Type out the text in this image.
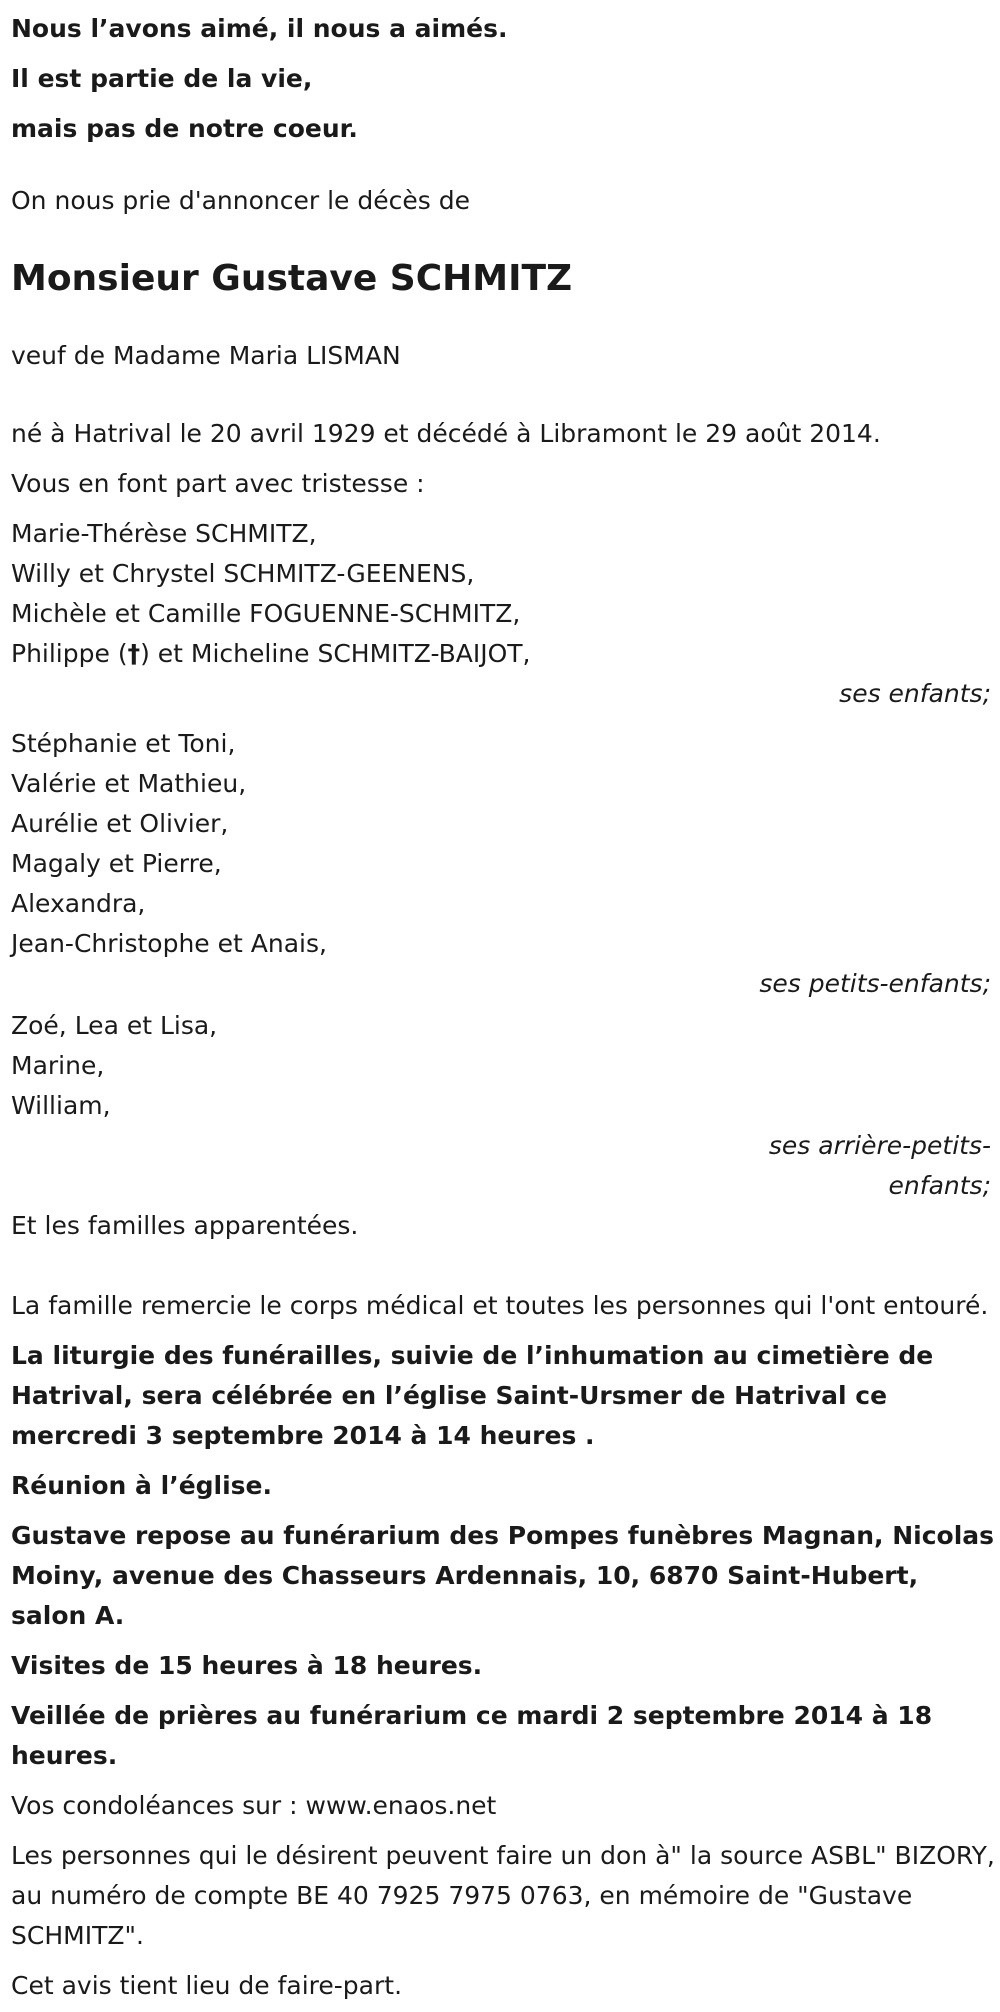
Nous l’avons aimé, il nous a aimés.

Il est partie de la vie,

mais pas de notre coeur.

On nous prie d'annoncer le décès de

Monsieur Gustave SCHMITZ

veuf de Madame Maria LISMAN

né à Hatrival le 20 avril 1929 et décédé à Libramont le 29 août 2014.

Vous en font part avec tristesse :

Marie-Thérèse SCHMITZ,

Willy et Chrystel SCHMITZ-GEENENS,

Michèle et Camille FOGUENNE-SCHMITZ,

Philippe (†) et Micheline SCHMITZ-BAIJOT,

ses enfants;

Stéphanie et Toni,

Valérie et Mathieu,

Aurélie et Olivier,

Magaly et Pierre,

Alexandra,

Jean-Christophe et Anais,

ses petits-enfants;

Zoé, Lea et Lisa,

Marine,

William,

ses arrière-petits-

enfants;

Et les familles apparentées.

La famille remercie le corps médical et toutes les personnes qui l'ont entouré.

La liturgie des funérailles, suivie de l’inhumation au cimetière de Hatrival, sera célébrée en l’église Saint-Ursmer de Hatrival ce mercredi 3 septembre 2014 à 14 heures .

Réunion à l’église.

Gustave repose au funérarium des Pompes funèbres Magnan, Nicolas Moiny, avenue des Chasseurs Ardennais, 10, 6870 Saint-Hubert, salon A.

Visites de 15 heures à 18 heures.

Veillée de prières au funérarium ce mardi 2 septembre 2014 à 18 heures.

Vos condoléances sur : www.enaos.net

Les personnes qui le désirent peuvent faire un don à" la source ASBL" BIZORY, au numéro de compte BE 40 7925 7975 0763, en mémoire de "Gustave SCHMITZ".

Cet avis tient lieu de faire-part.
